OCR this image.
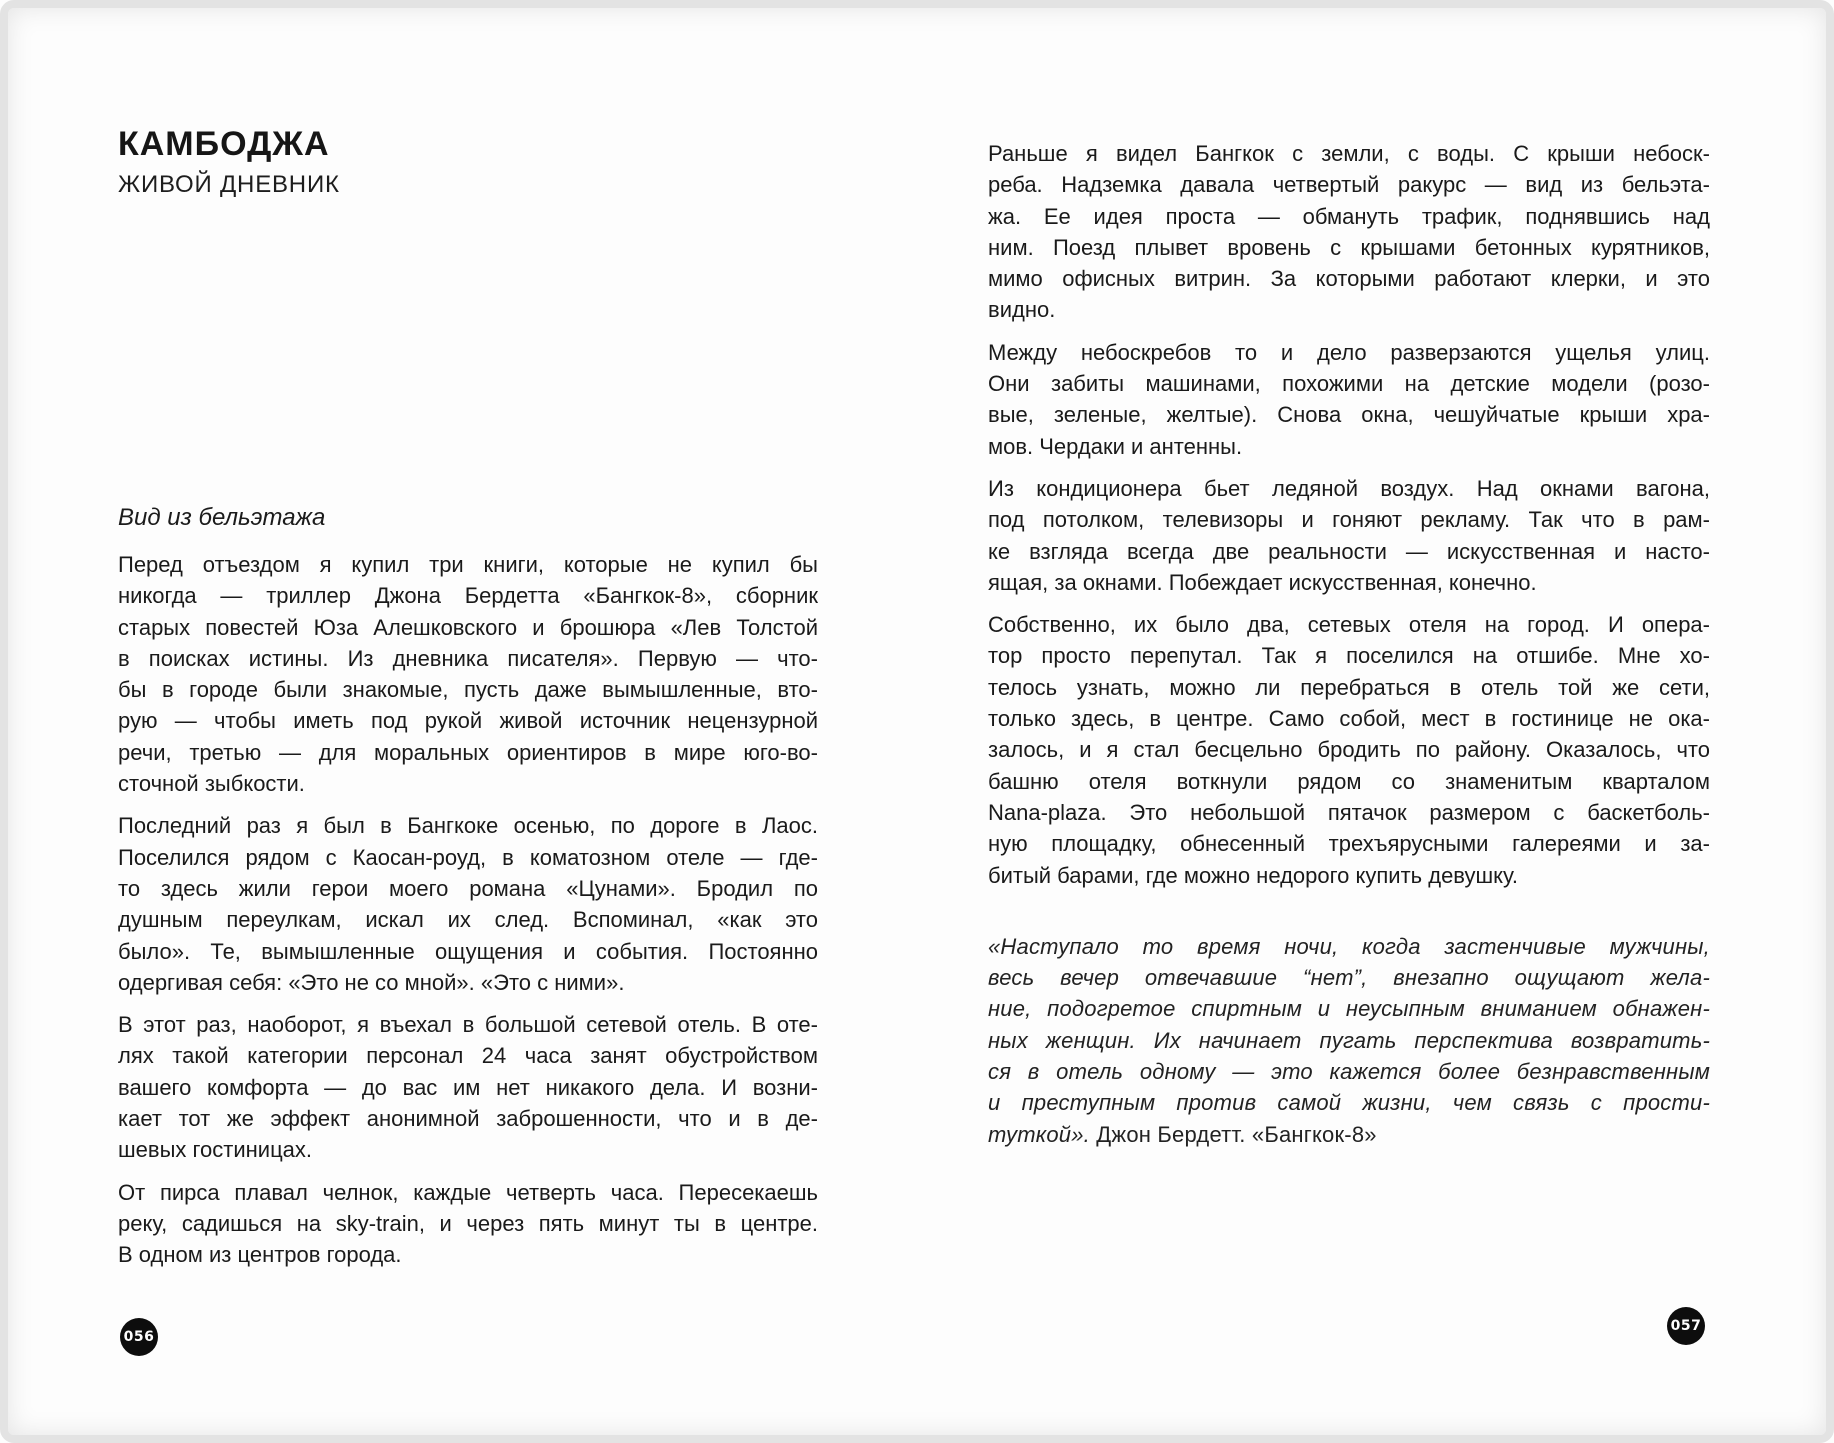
КАМБОДЖА
ЖИВОЙ ДНЕВНИК
Вид из бельэтажа
Перед отъездом я купил три книги, которые не купил бы
никогда — триллер Джона Бердетта «Бангкок-8», сборник
старых повестей Юза Алешковского и брошюра «Лев Толстой
в поисках истины. Из дневника писателя». Первую — что-
бы в городе были знакомые, пусть даже вымышленные, вто-
рую — чтобы иметь под рукой живой источник нецензурной
речи, третью — для моральных ориентиров в мире юго-во-
сточной зыбкости.
Последний раз я был в Бангкоке осенью, по дороге в Лаос.
Поселился рядом с Каосан-роуд, в коматозном отеле — где-
то здесь жили герои моего романа «Цунами». Бродил по
душным переулкам, искал их след. Вспоминал, «как это
было». Те, вымышленные ощущения и события. Постоянно
одергивая себя: «Это не со мной». «Это с ними».
В этот раз, наоборот, я въехал в большой сетевой отель. В оте-
лях такой категории персонал 24 часа занят обустройством
вашего комфорта — до вас им нет никакого дела. И возни-
кает тот же эффект анонимной заброшенности, что и в де-
шевых гостиницах.
От пирса плавал челнок, каждые четверть часа. Пересекаешь
реку, садишься на sky-train, и через пять минут ты в центре.
В одном из центров города.
Раньше я видел Бангкок с земли, с воды. С крыши небоск-
реба. Надземка давала четвертый ракурс — вид из бельэта-
жа. Ее идея проста — обмануть трафик, поднявшись над
ним. Поезд плывет вровень с крышами бетонных курятников,
мимо офисных витрин. За которыми работают клерки, и это
видно.
Между небоскребов то и дело разверзаются ущелья улиц.
Они забиты машинами, похожими на детские модели (розо-
вые, зеленые, желтые). Снова окна, чешуйчатые крыши хра-
мов. Чердаки и антенны.
Из кондиционера бьет ледяной воздух. Над окнами вагона,
под потолком, телевизоры и гоняют рекламу. Так что в рам-
ке взгляда всегда две реальности — искусственная и насто-
ящая, за окнами. Побеждает искусственная, конечно.
Собственно, их было два, сетевых отеля на город. И опера-
тор просто перепутал. Так я поселился на отшибе. Мне хо-
телось узнать, можно ли перебраться в отель той же сети,
только здесь, в центре. Само собой, мест в гостинице не ока-
залось, и я стал бесцельно бродить по району. Оказалось, что
башню отеля воткнули рядом со знаменитым кварталом
Nana-plaza. Это небольшой пятачок размером с баскетболь-
ную площадку, обнесенный трехъярусными галереями и за-
битый барами, где можно недорого купить девушку.
«Наступало то время ночи, когда застенчивые мужчины,
весь вечер отвечавшие “нет”, внезапно ощущают жела-
ние, подогретое спиртным и неусыпным вниманием обнажен-
ных женщин. Их начинает пугать перспектива возвратить-
ся в отель одному — это кажется более безнравственным
и преступным против самой жизни, чем связь с прости-
туткой». Джон Бердетт. «Бангкок-8»
056
057
